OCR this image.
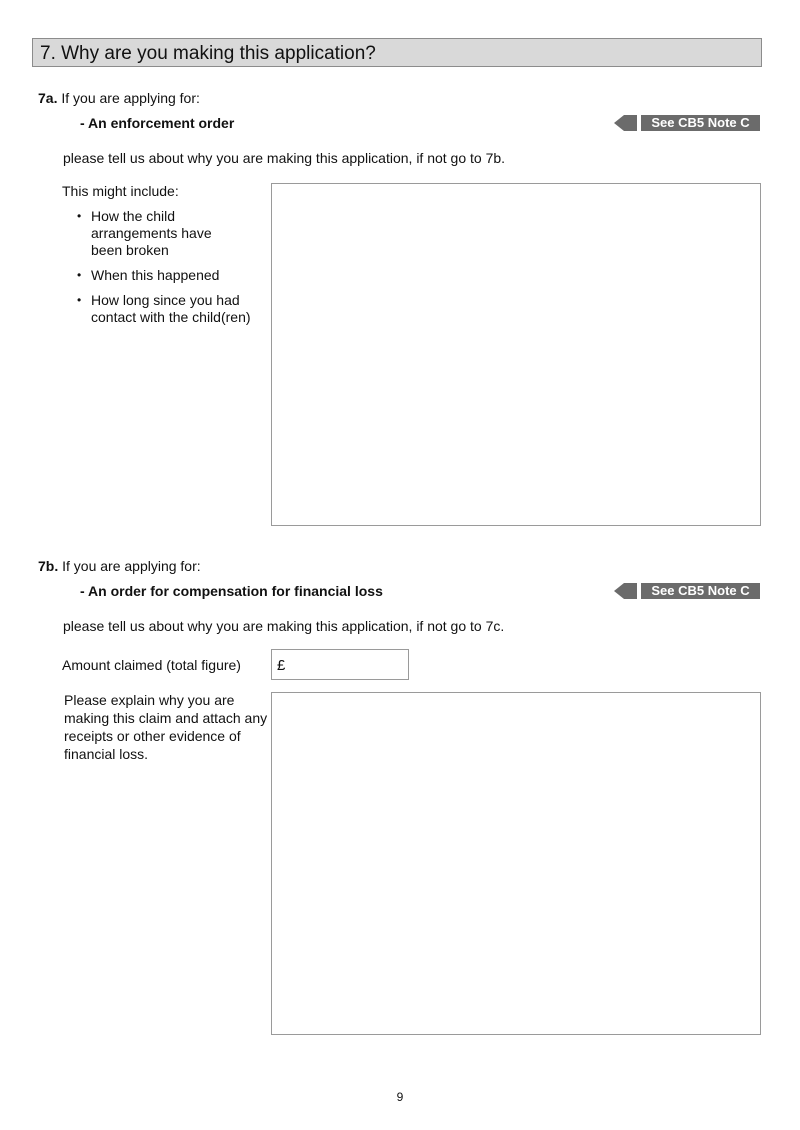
7. Why are you making this application?
7a. If you are applying for:
- An enforcement order	See CB5 Note C
please tell us about why you are making this application, if not go to 7b.
This might include:
• How the child arrangements have been broken
• When this happened
• How long since you had contact with the child(ren)
7b. If you are applying for:
- An order for compensation for financial loss	See CB5 Note C
please tell us about why you are making this application, if not go to 7c.
Amount claimed (total figure) £
Please explain why you are making this claim and attach any receipts or other evidence of financial loss.
9
